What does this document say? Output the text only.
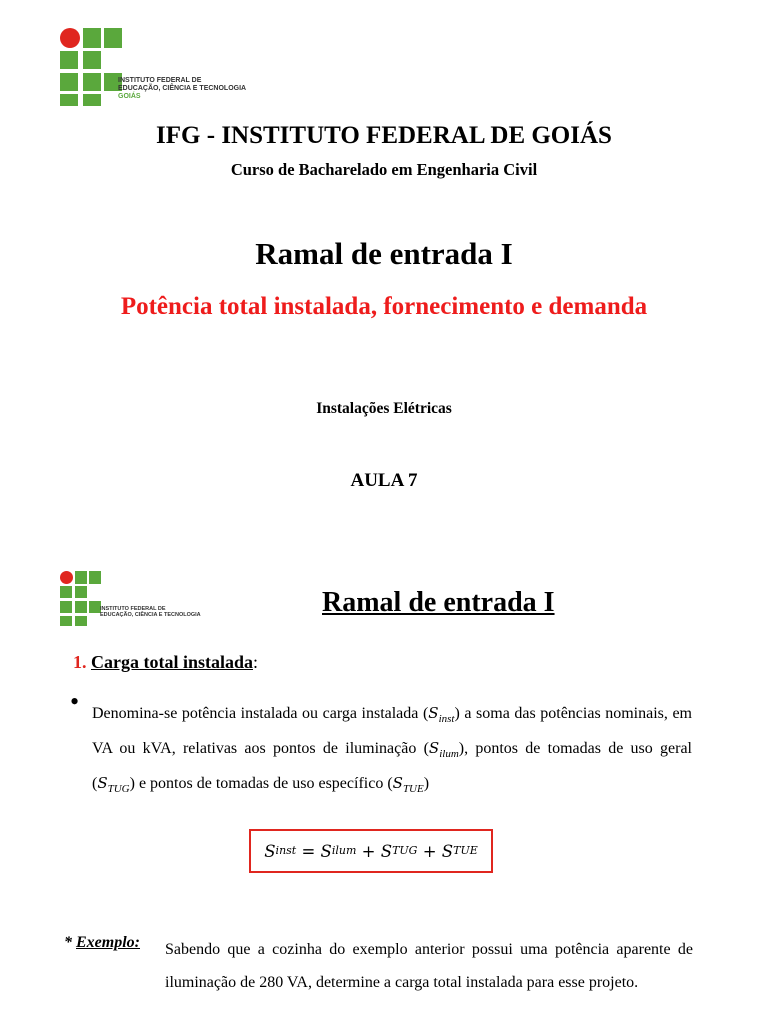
INSTITUTO FEDERAL DE
EDUCAÇÃO, CIÊNCIA E TECNOLOGIA
GOIÁS
IFG - INSTITUTO FEDERAL DE GOIÁS
Curso de Bacharelado em Engenharia Civil
Ramal de entrada I
Potência total instalada, fornecimento e demanda
Instalações Elétricas
AULA 7
INSTITUTO FEDERAL DE
EDUCAÇÃO, CIÊNCIA E TECNOLOGIA	Ramal de entrada I
1. Carga total instalada:
• Denomina-se potência instalada ou carga instalada $(S_{inst})$ a soma das potências nominais, em VA ou kVA, relativas aos pontos de iluminação $(S_{ilum})$, pontos de tomadas de uso geral $(S_{TUG})$ e pontos de tomadas de uso específico $(S_{TUE})$
S inst = S ilum + S TUG + S TUE
* Exemplo: Sabendo que a cozinha do exemplo anterior possui uma potência aparente de iluminação de 280 VA, determine a carga total instalada para esse projeto.
